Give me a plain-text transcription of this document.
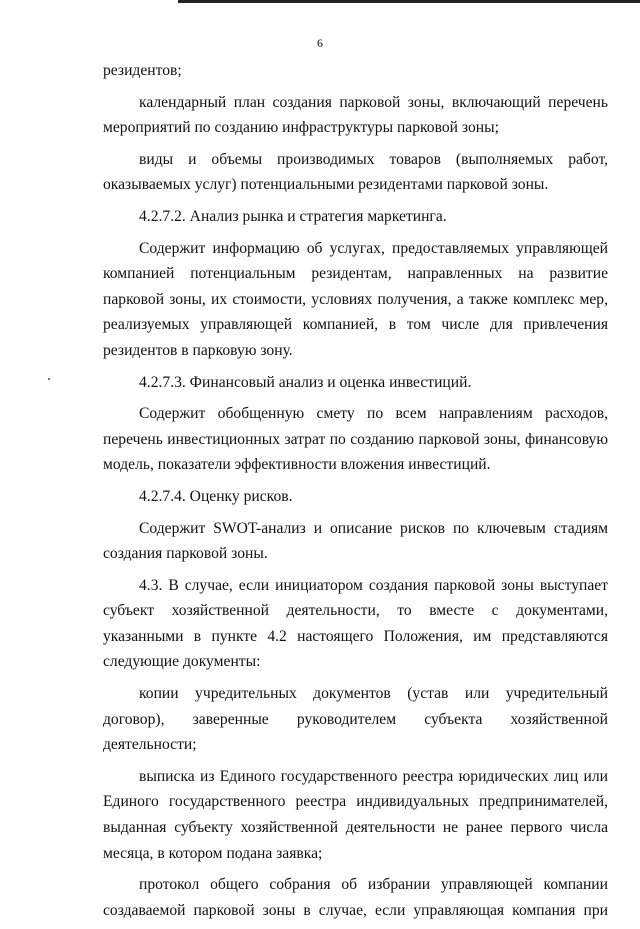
6

резидентов;

календарный план создания парковой зоны, включающий перечень мероприятий по созданию инфраструктуры парковой зоны;

виды и объемы производимых товаров (выполняемых работ, оказываемых услуг) потенциальными резидентами парковой зоны.

4.2.7.2. Анализ рынка и стратегия маркетинга.

Содержит информацию об услугах, предоставляемых управляющей компанией потенциальным резидентам, направленных на развитие парковой зоны, их стоимости, условиях получения, а также комплекс мер, реализуемых управляющей компанией, в том числе для привлечения резидентов в парковую зону.

4.2.7.3. Финансовый анализ и оценка инвестиций.

Содержит обобщенную смету по всем направлениям расходов, перечень инвестиционных затрат по созданию парковой зоны, финансовую модель, показатели эффективности вложения инвестиций.

4.2.7.4. Оценку рисков.

Содержит SWOT-анализ и описание рисков по ключевым стадиям создания парковой зоны.

4.3. В случае, если инициатором создания парковой зоны выступает субъект хозяйственной деятельности, то вместе с документами, указанными в пункте 4.2 настоящего Положения, им представляются следующие документы:

копии учредительных документов (устав или учредительный договор), заверенные руководителем субъекта хозяйственной деятельности;

выписка из Единого государственного реестра юридических лиц или Единого государственного реестра индивидуальных предпринимателей, выданная субъекту хозяйственной деятельности не ранее первого числа месяца, в котором подана заявка;

протокол общего собрания об избрании управляющей компании создаваемой парковой зоны в случае, если управляющая компания при
